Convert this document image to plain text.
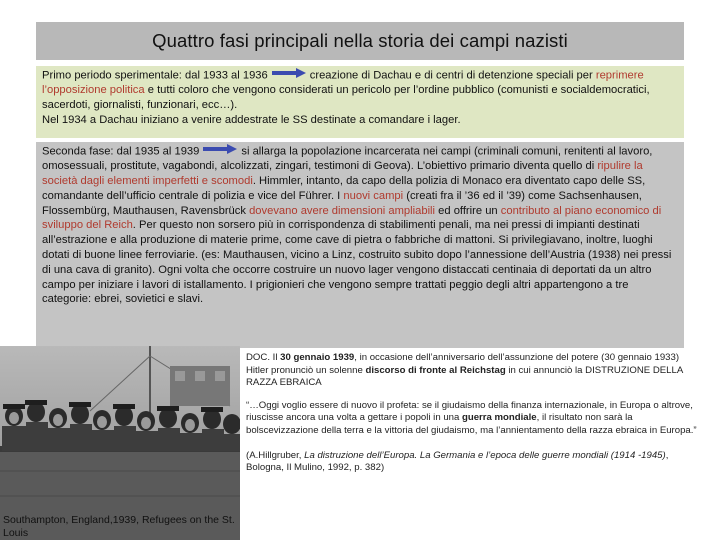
Quattro fasi principali nella storia dei campi nazisti
Primo periodo sperimentale: dal 1933 al 1936	creazione di Dachau e di centri di detenzione speciali per reprimere l’opposizione politica e tutti coloro che vengono considerati un pericolo per l’ordine pubblico (comunisti e socialdemocratici, sacerdoti, giornalisti, funzionari, ecc…).
Nel 1934 a Dachau iniziano a venire addestrate le SS destinate a comandare i lager.
Seconda fase: dal 1935 al 1939	si allarga la popolazione incarcerata nei campi (criminali comuni, renitenti al lavoro, omosessuali, prostitute, vagabondi, alcolizzati, zingari, testimoni di Geova). L’obiettivo primario diventa quello di ripulire la società dagli elementi imperfetti e scomodi. Himmler, intanto, da capo della polizia di Monaco era diventato capo delle SS, comandante dell’ufficio centrale di polizia e vice del Führer. I nuovi campi (creati fra il ’36 ed il ’39) come Sachsenhausen, Flossembürg, Mauthausen, Ravensbrück dovevano avere dimensioni ampliabili ed offrire un contributo al piano economico di sviluppo del Reich. Per questo non sorsero più in corrispondenza di stabilimenti penali, ma nei pressi di impianti destinati all’estrazione e alla produzione di materie prime, come cave di pietra o fabbriche di mattoni. Si privilegiavano, inoltre, luoghi dotati di buone linee ferroviarie. (es: Mauthausen, vicino a Linz, costruito subito dopo l’annessione dell’Austria (1938) nei pressi di una cava di granito). Ogni volta che occorre costruire un nuovo lager vengono distaccati centinaia di deportati da un altro campo per iniziare i lavori di istallamento. I prigionieri che vengono sempre trattati peggio degli altri appartengono a tre categorie: ebrei, sovietici e slavi.
Southampton, England,1939, Refugees on the St. Louis

DOC. Il 30 gennaio 1939, in occasione dell’anniversario dell’assunzione del potere (30 gennaio 1933) Hitler pronunciò un solenne discorso di fronte al Reichstag in cui annunciò la DISTRUZIONE DELLA RAZZA EBRAICA

“…Oggi voglio essere di nuovo il profeta: se il giudaismo della finanza internazionale, in Europa o altrove, riuscisse ancora una volta a gettare i popoli in una guerra mondiale, il risultato non sarà la bolscevizzazione della terra e la vittoria del giudaismo, ma l’annientamento della razza ebraica in Europa.”

(A.Hillgruber, La distruzione dell’Europa. La Germania e l’epoca delle guerre mondiali (1914 -1945), Bologna, Il Mulino, 1992, p. 382)
